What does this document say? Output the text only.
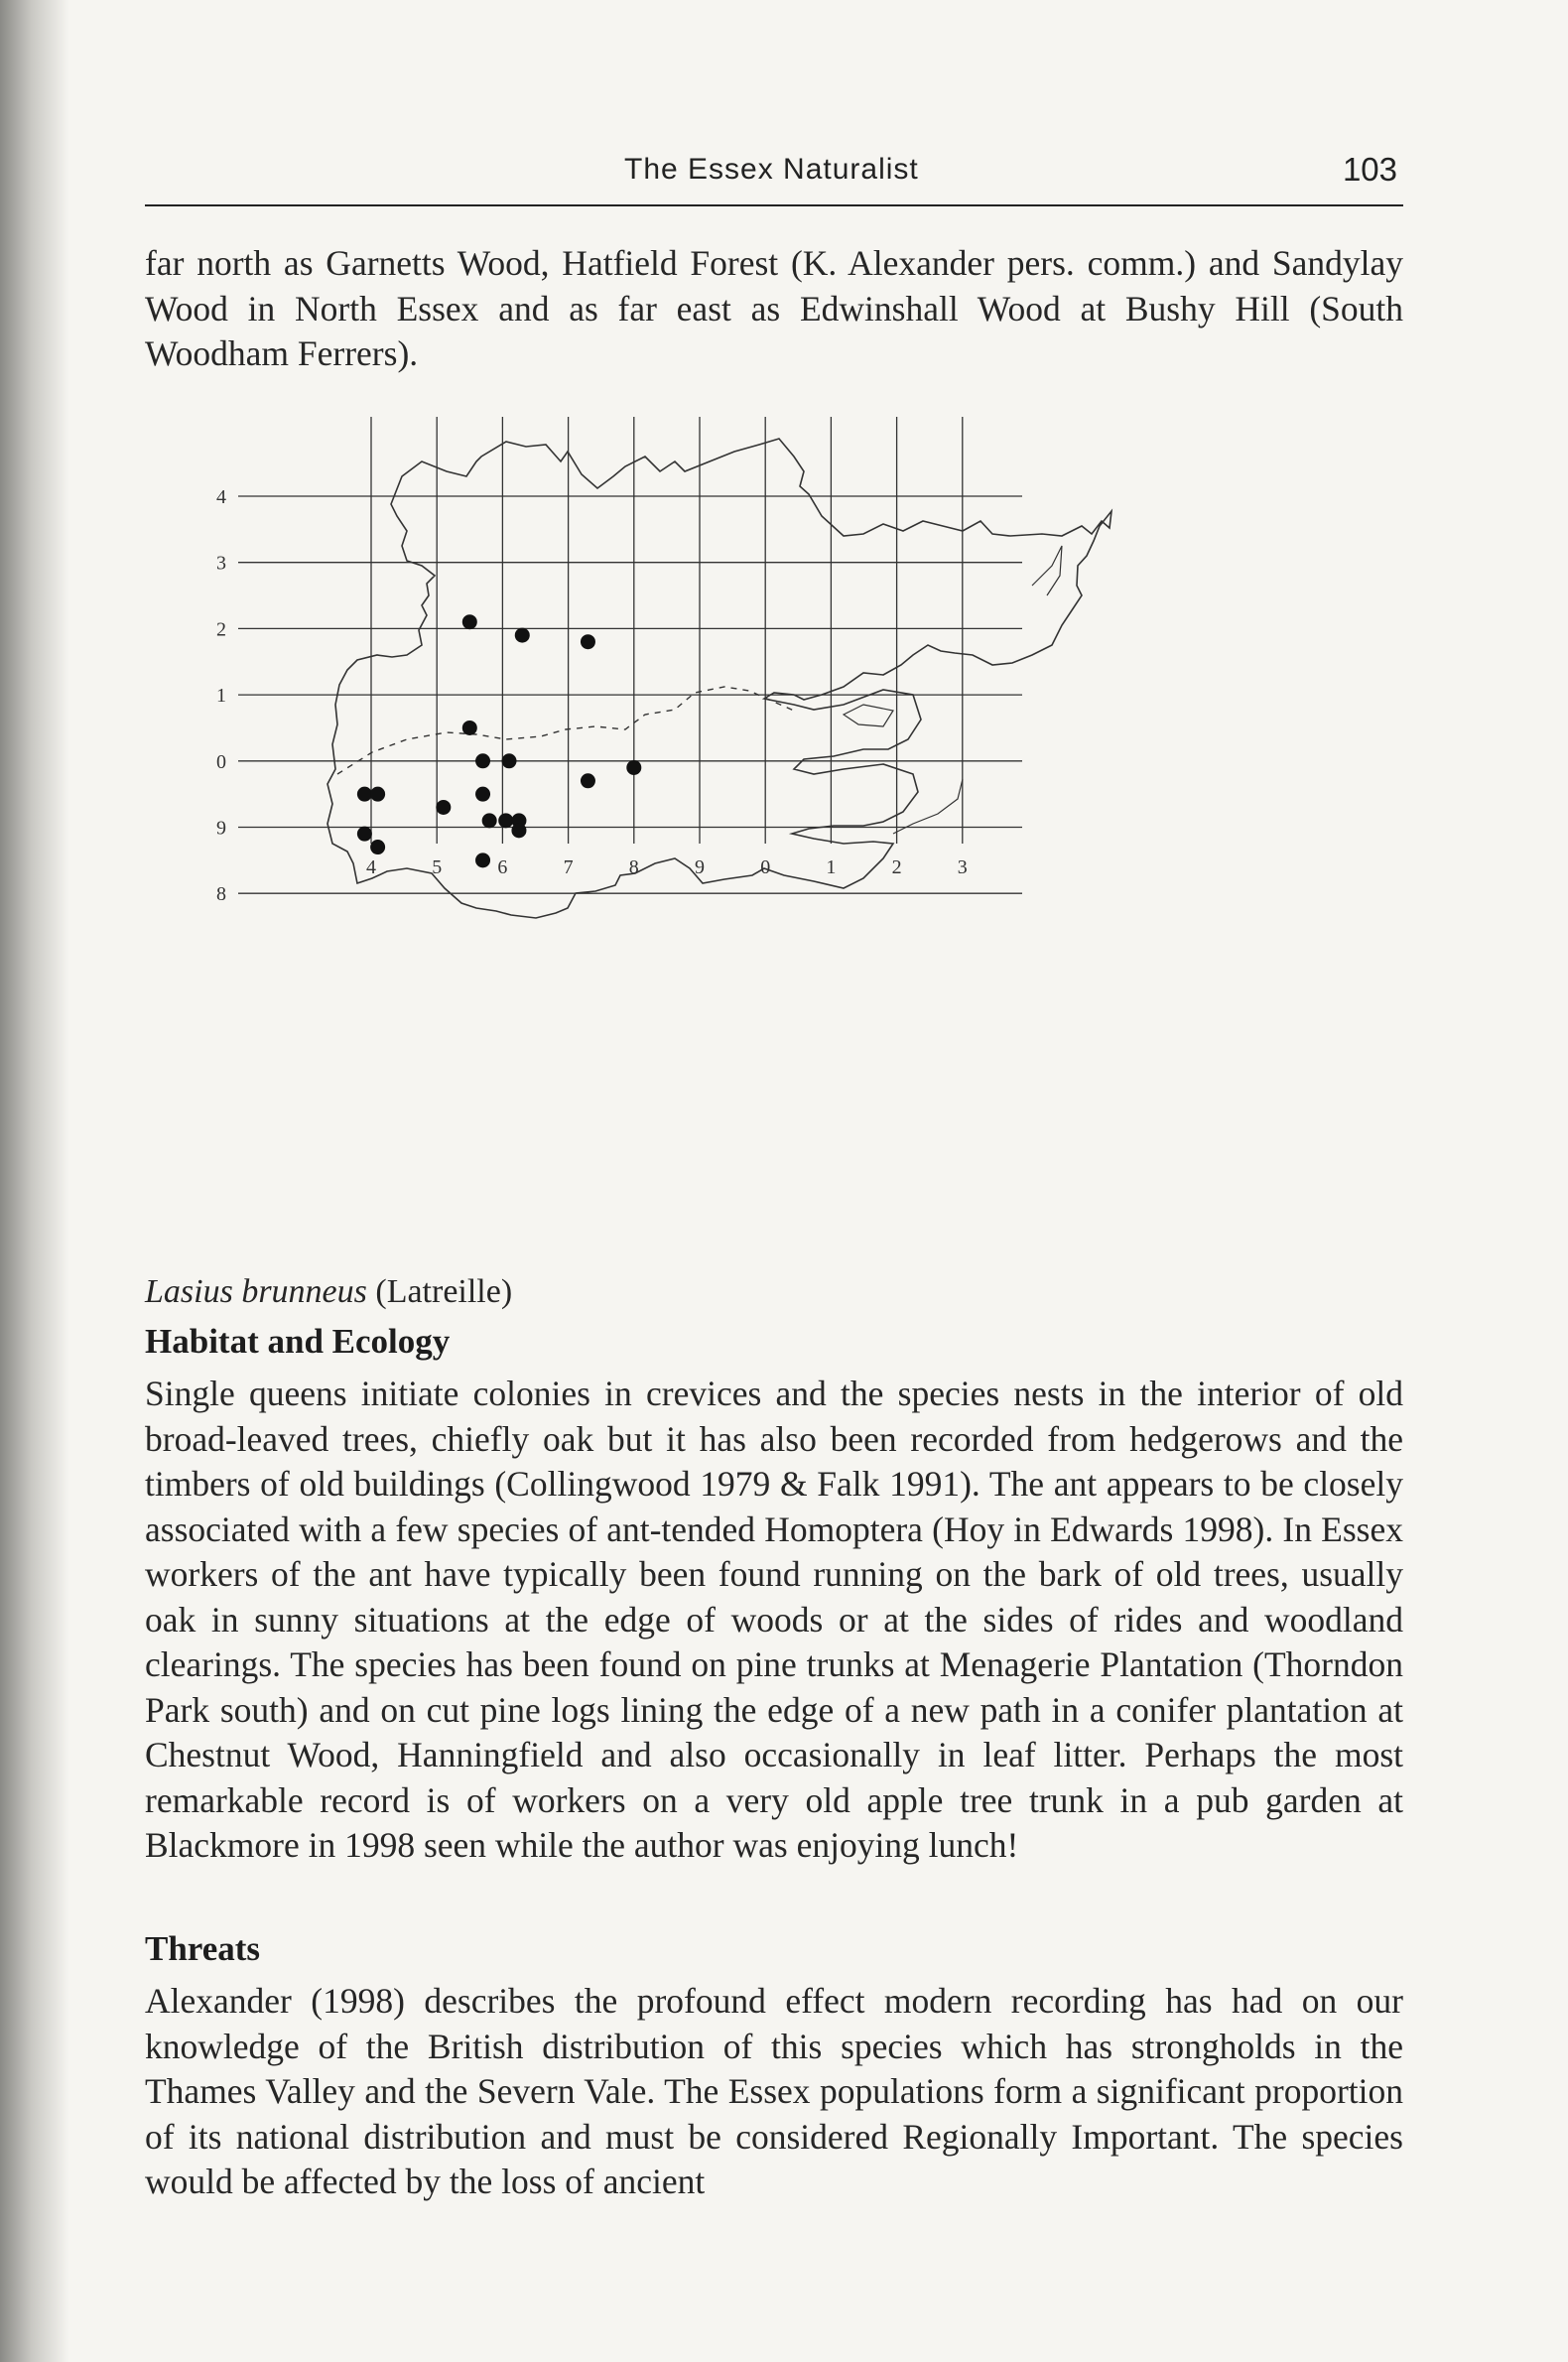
The Essex Naturalist	103

far north as Garnetts Wood, Hatfield Forest (K. Alexander pers. comm.) and Sandylay Wood in North Essex and as far east as Edwinshall Wood at Bushy Hill (South Woodham Ferrers).

4	5	6	7	8	9	0	1	2	3
4
3
2
1
0
9
8
Lasius brunneus (Latreille)
Habitat and Ecology

Single queens initiate colonies in crevices and the species nests in the interior of old broad-leaved trees, chiefly oak but it has also been recorded from hedgerows and the timbers of old buildings (Collingwood 1979 & Falk 1991). The ant appears to be closely associated with a few species of ant-tended Homoptera (Hoy in Edwards 1998). In Essex workers of the ant have typically been found running on the bark of old trees, usually oak in sunny situations at the edge of woods or at the sides of rides and woodland clearings. The species has been found on pine trunks at Menagerie Plantation (Thorndon Park south) and on cut pine logs lining the edge of a new path in a conifer plantation at Chestnut Wood, Hanningfield and also occasionally in leaf litter. Perhaps the most remarkable record is of workers on a very old apple tree trunk in a pub garden at Blackmore in 1998 seen while the author was enjoying lunch!

Threats

Alexander (1998) describes the profound effect modern recording has had on our knowledge of the British distribution of this species which has strongholds in the Thames Valley and the Severn Vale. The Essex populations form a significant proportion of its national distribution and must be considered Regionally Important. The species would be affected by the loss of ancient
